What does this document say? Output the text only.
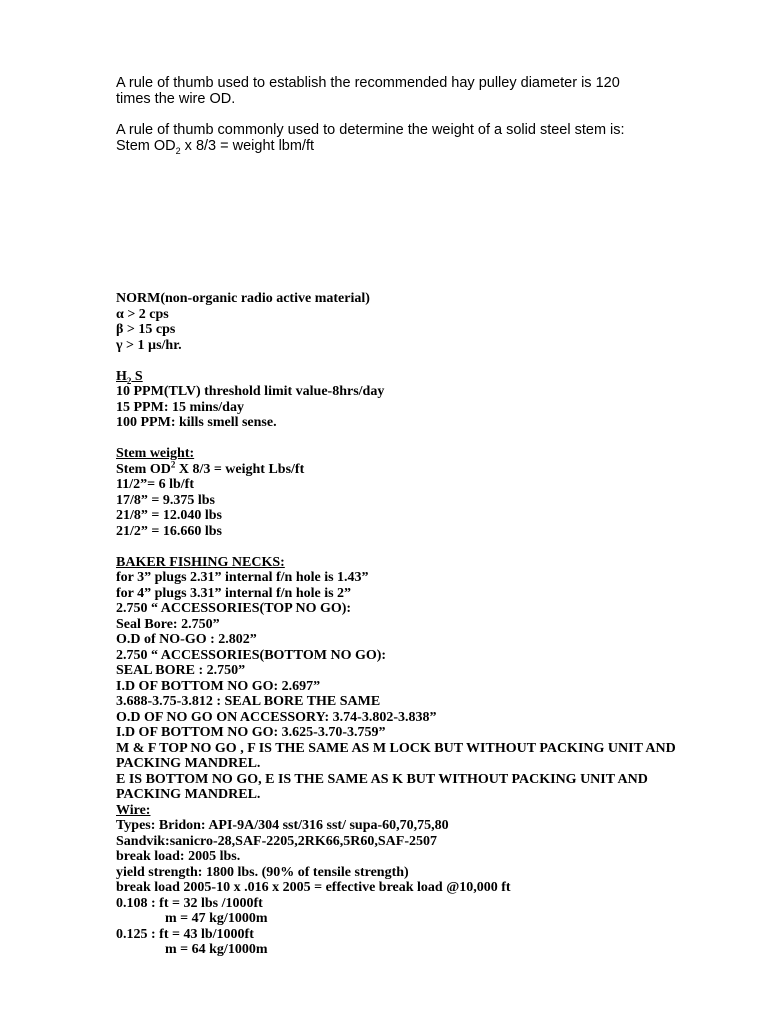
A rule of thumb used to establish the recommended hay pulley diameter is 120
times the wire OD.
A rule of thumb commonly used to determine the weight of a solid steel stem is:
Stem $OD_2$ x 8/3 = weight lbm/ft
NORM(non-organic radio active material)
α > 2 cps
β > 15 cps
γ > 1 µs/hr.
$H_2$ S
10 PPM(TLV) threshold limit value-8hrs/day
15 PPM: 15 mins/day
100 PPM: kills smell sense.
Stem weight:
Stem $OD^2$ X 8/3 = weight Lbs/ft
11/2”= 6 lb/ft
17/8” = 9.375 lbs
21/8” = 12.040 lbs
21/2” = 16.660 lbs
BAKER FISHING NECKS:
for 3” plugs 2.31” internal f/n hole is 1.43”
for 4” plugs 3.31” internal f/n hole is 2”
2.750 “ ACCESSORIES(TOP NO GO):
Seal Bore: 2.750”
O.D of NO-GO : 2.802”
2.750 “ ACCESSORIES(BOTTOM NO GO):
SEAL BORE : 2.750”
I.D OF BOTTOM NO GO: 2.697”
3.688-3.75-3.812 : SEAL BORE THE SAME
O.D OF NO GO ON ACCESSORY: 3.74-3.802-3.838”
I.D OF BOTTOM NO GO: 3.625-3.70-3.759”
M & F TOP NO GO , F IS THE SAME AS M LOCK BUT WITHOUT PACKING UNIT AND
PACKING MANDREL.
E IS BOTTOM NO GO, E IS THE SAME AS K BUT WITHOUT PACKING UNIT AND
PACKING MANDREL.
Wire:
Types: Bridon: API-9A/304 sst/316 sst/ supa-60,70,75,80
Sandvik:sanicro-28,SAF-2205,2RK66,5R60,SAF-2507
break load: 2005 lbs.
yield strength: 1800 lbs. (90% of tensile strength)
break load 2005-10 x .016 x 2005 = effective break load @10,000 ft
0.108 : ft = 32 lbs /1000ft
m = 47 kg/1000m
0.125 : ft = 43 lb/1000ft
m = 64 kg/1000m
